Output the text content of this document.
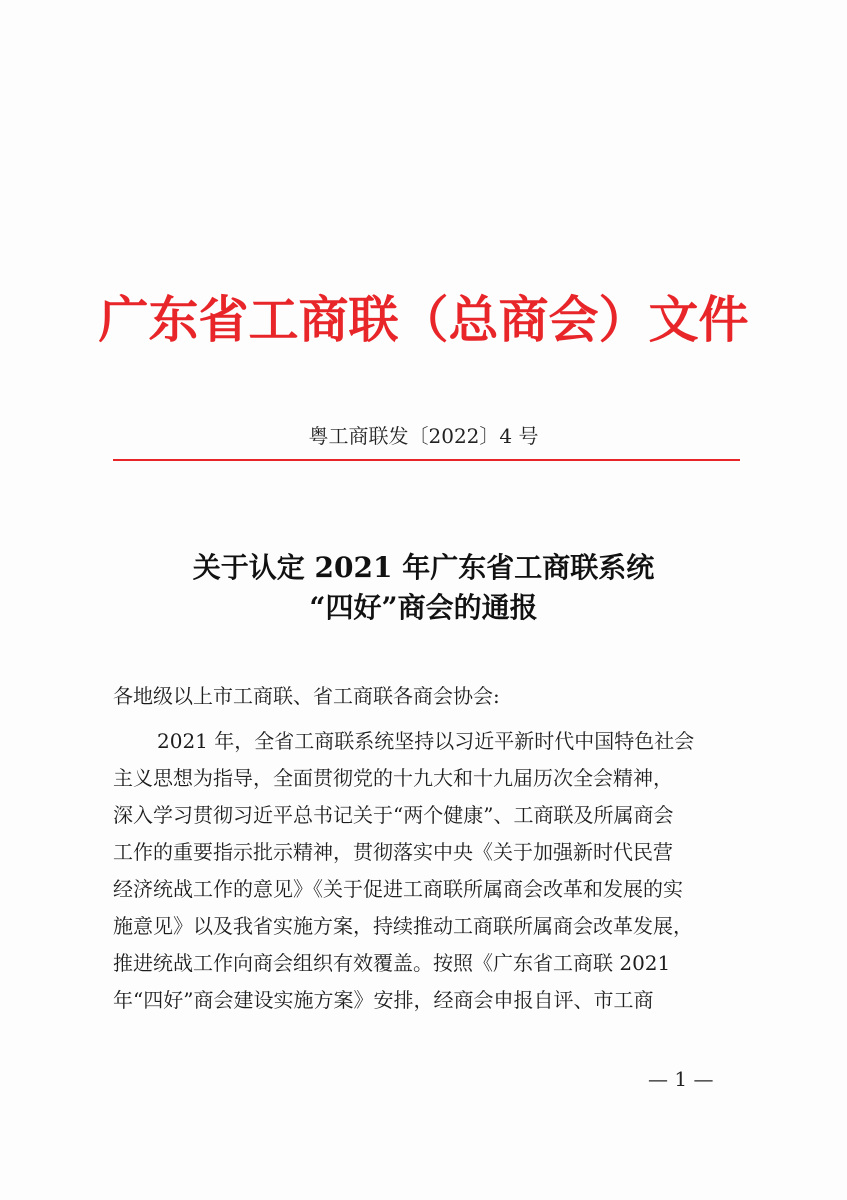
广东省工商联（总商会）文件
粤工商联发〔2022〕4 号
关于认定 2021 年广东省工商联系统
“四好”商会的通报
各地级以上市工商联、省工商联各商会协会:
2021 年，全省工商联系统坚持以习近平新时代中国特色社会
主义思想为指导，全面贯彻党的十九大和十九届历次全会精神，
深入学习贯彻习近平总书记关于“两个健康”、工商联及所属商会
工作的重要指示批示精神，贯彻落实中央《关于加强新时代民营
经济统战工作的意见》《关于促进工商联所属商会改革和发展的实
施意见》以及我省实施方案，持续推动工商联所属商会改革发展，
推进统战工作向商会组织有效覆盖。按照《广东省工商联 2021
年“四好”商会建设实施方案》安排，经商会申报自评、市工商
— 1 —
